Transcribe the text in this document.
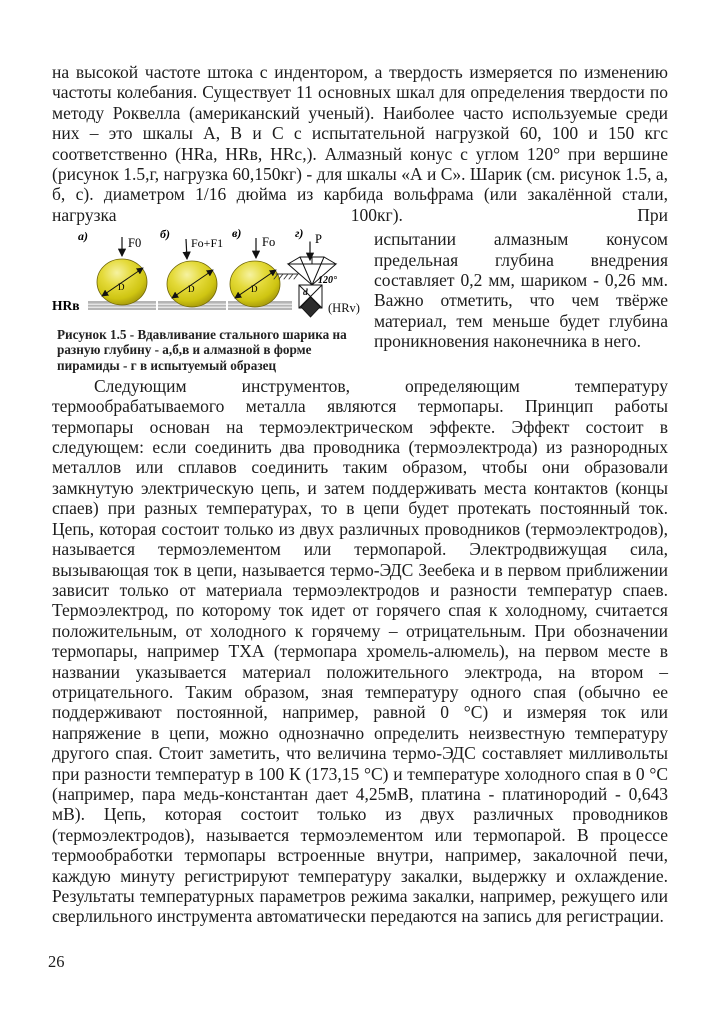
на высокой частоте штока с индентором, а твердость измеряется по изменению частоты колебания. Существует 11 основных шкал для определения твердости по методу Роквелла (американский ученый). Наиболее часто используемые среди них – это шкалы А, В и С с испытательной нагрузкой 60, 100 и 150 кгс соответственно (HRa, HRв, HRc,). Алмазный конус с углом 120° при вершине (рисунок 1.5,г, нагрузка 60,150кг) - для шкалы «А и С». Шарик (см. рисунок 1.5, а, б, с). диаметром 1/16 дюйма из карбида вольфрама (или закалённой стали, нагрузка 100кг). При

а)	F0
D
б)
Fo+F1
D
в)
Fo
D
г) P
120°
d
(HRv)
HRв
Рисунок 1.5 - Вдавливание стального шарика на разную глубину - а,б,в и алмазной в форме пирамиды - г в испытуемый образец

испытании алмазным конусом предельная глубина внедрения составляет 0,2 мм, шариком - 0,26 мм. Важно отметить, что чем твёрже материал, тем меньше будет глубина проникновения наконечника в него.

Следующим инструментов, определяющим температуру термообрабатываемого металла являются термопары. Принцип работы термопары основан на термоэлектрическом эффекте. Эффект состоит в следующем: если соединить два проводника (термоэлектрода) из разнородных металлов или сплавов соединить таким образом, чтобы они образовали замкнутую электрическую цепь, и затем поддерживать места контактов (концы спаев) при разных температурах, то в цепи будет протекать постоянный ток. Цепь, которая состоит только из двух различных проводников (термоэлектродов), называется термоэлементом или термопарой. Электродвижущая сила, вызывающая ток в цепи, называется термо-ЭДС Зеебека и в первом приближении зависит только от материала термоэлектродов и разности температур спаев. Термоэлектрод, по которому ток идет от горячего спая к холодному, считается положительным, от холодного к горячему – отрицательным. При обозначении термопары, например ТХА (термопара хромель-алюмель), на первом месте в названии указывается материал положительного электрода, на втором – отрицательного. Таким образом, зная температуру одного спая (обычно ее поддерживают постоянной, например, равной 0 °С) и измеряя ток или напряжение в цепи, можно однозначно определить неизвестную температуру другого спая. Стоит заметить, что величина термо-ЭДС составляет милливольты при разности температур в 100 К (173,15 °С) и температуре холодного спая в 0 °С (например, пара медь-константан дает 4,25мВ, платина - платинородий - 0,643 мВ). Цепь, которая состоит только из двух различных проводников (термоэлектродов), называется термоэлементом или термопарой. В процессе термообработки термопары встроенные внутри, например, закалочной печи, каждую минуту регистрируют температуру закалки, выдержку и охлаждение. Результаты температурных параметров режима закалки, например, режущего или сверлильного инструмента автоматически передаются на запись для регистрации.

26
